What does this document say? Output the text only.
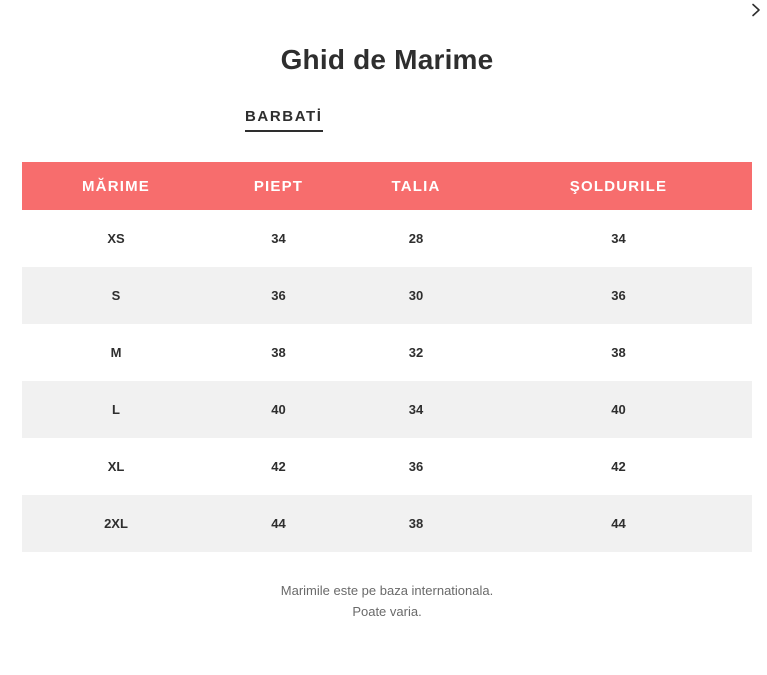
Ghid de Marime
BARBATİ
MĂRIME	PIEPT	TALIA	ŞOLDURILE
XS	34	28	34
S	36	30	36
M	38	32	38
L	40	34	40
XL	42	36	42
2XL	44	38	44
Marimile este pe baza internationala.
Poate varia.
